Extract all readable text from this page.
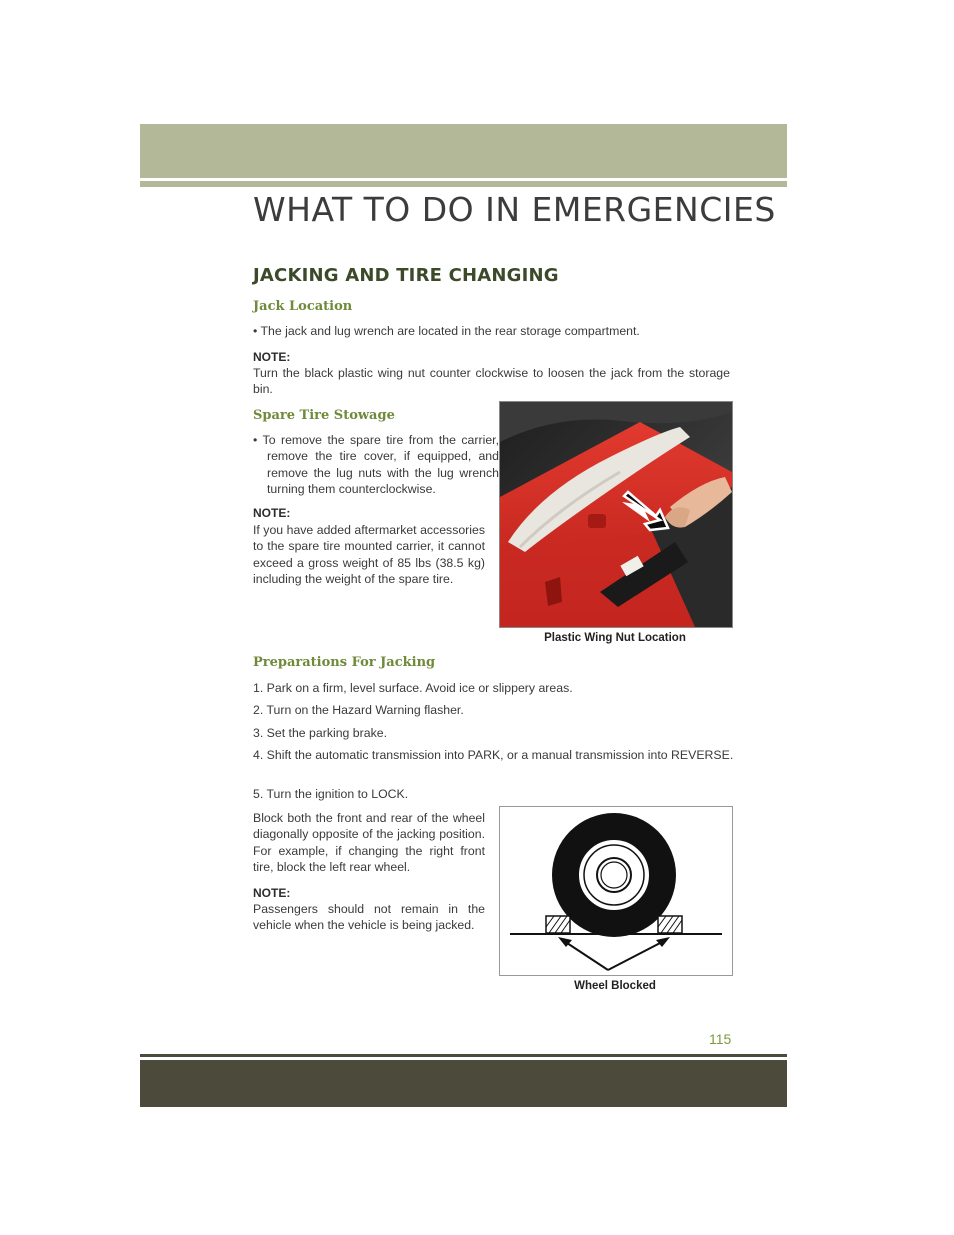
WHAT TO DO IN EMERGENCIES
JACKING AND TIRE CHANGING
Jack Location
• The jack and lug wrench are located in the rear storage compartment.
NOTE:
Turn the black plastic wing nut counter clockwise to loosen the jack from the storage bin.
Spare Tire Stowage
• To remove the spare tire from the carrier, remove the tire cover, if equipped, and remove the lug nuts with the lug wrench turning them counterclockwise.
NOTE:
If you have added aftermarket accessories to the spare tire mounted carrier, it cannot exceed a gross weight of 85 lbs (38.5 kg) including the weight of the spare tire.
Plastic Wing Nut Location
Preparations For Jacking
1. Park on a firm, level surface. Avoid ice or slippery areas.
2. Turn on the Hazard Warning flasher.
3. Set the parking brake.
4. Shift the automatic transmission into PARK, or a manual transmission into REVERSE.
5. Turn the ignition to LOCK.
Block both the front and rear of the wheel diagonally opposite of the jacking position. For example, if changing the right front tire, block the left rear wheel.
NOTE:
Passengers should not remain in the vehicle when the vehicle is being jacked.
Wheel Blocked
115
